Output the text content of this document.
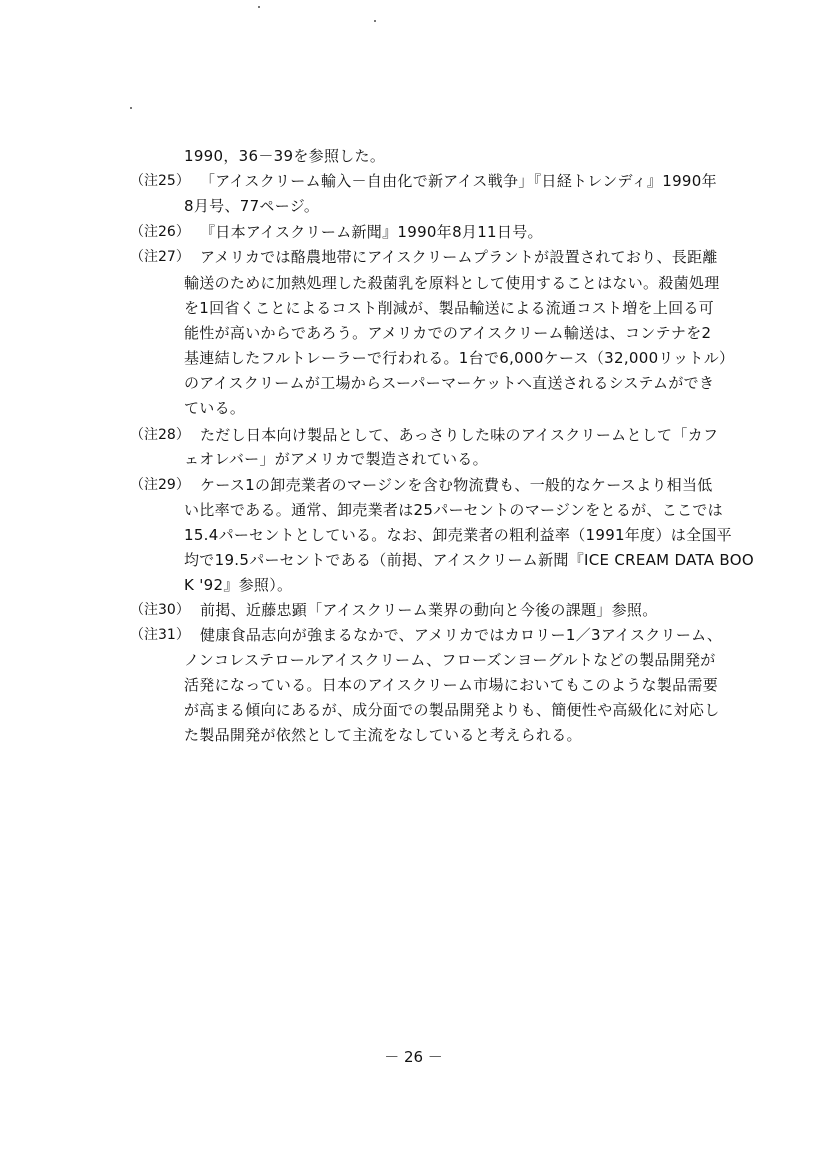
1990，36－39を参照した。
（注25） 「アイスクリーム輸入－自由化で新アイス戦争」『日経トレンディ』1990年
8月号、77ページ。
（注26） 『日本アイスクリーム新聞』1990年8月11日号。
（注27） アメリカでは酪農地帯にアイスクリームプラントが設置されており、長距離
輸送のために加熱処理した殺菌乳を原料として使用することはない。殺菌処理
を1回省くことによるコスト削減が、製品輸送による流通コスト増を上回る可
能性が高いからであろう。アメリカでのアイスクリーム輸送は、コンテナを2
基連結したフルトレーラーで行われる。1台で6,000ケース（32,000リットル）
のアイスクリームが工場からスーパーマーケットへ直送されるシステムができ
ている。
（注28） ただし日本向け製品として、あっさりした味のアイスクリームとして「カフ
ェオレバー」がアメリカで製造されている。
（注29） ケース1の卸売業者のマージンを含む物流費も、一般的なケースより相当低
い比率である。通常、卸売業者は25パーセントのマージンをとるが、ここでは
15.4パーセントとしている。なお、卸売業者の粗利益率（1991年度）は全国平
均で19.5パーセントである（前掲、アイスクリーム新聞『ICE CREAM DATA BOO
K '92』参照）。
（注30） 前掲、近藤忠顕「アイスクリーム業界の動向と今後の課題」参照。
（注31） 健康食品志向が強まるなかで、アメリカではカロリー1／3アイスクリーム、
ノンコレステロールアイスクリーム、フローズンヨーグルトなどの製品開発が
活発になっている。日本のアイスクリーム市場においてもこのような製品需要
が高まる傾向にあるが、成分面での製品開発よりも、簡便性や高級化に対応し
た製品開発が依然として主流をなしていると考えられる。
－ 26 －
